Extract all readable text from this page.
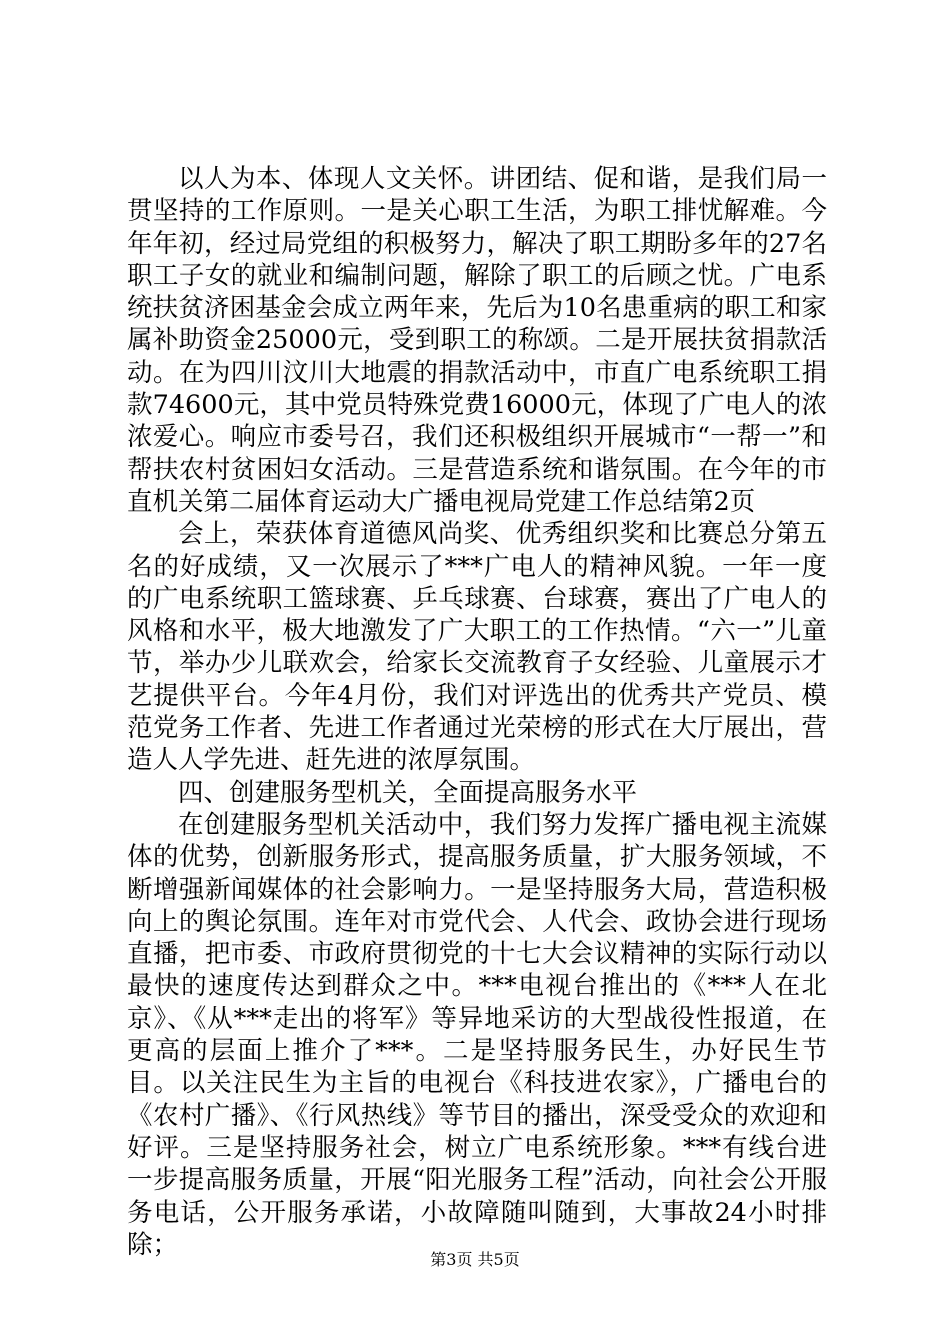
以人为本、体现人文关怀。讲团结、促和谐，是我们局一贯坚持的工作原则。一是关心职工生活，为职工排忧解难。今年年初，经过局党组的积极努力，解决了职工期盼多年的27名职工子女的就业和编制问题，解除了职工的后顾之忧。广电系统扶贫济困基金会成立两年来，先后为10名患重病的职工和家属补助资金25000元，受到职工的称颂。二是开展扶贫捐款活动。在为四川汶川大地震的捐款活动中，市直广电系统职工捐款74600元，其中党员特殊党费16000元，体现了广电人的浓浓爱心。响应市委号召，我们还积极组织开展城市“一帮一”和帮扶农村贫困妇女活动。三是营造系统和谐氛围。在今年的市直机关第二届体育运动大广播电视局党建工作总结第2页

会上，荣获体育道德风尚奖、优秀组织奖和比赛总分第五名的好成绩，又一次展示了***广电人的精神风貌。一年一度的广电系统职工篮球赛、乒乓球赛、台球赛，赛出了广电人的风格和水平，极大地激发了广大职工的工作热情。“六一”儿童节，举办少儿联欢会，给家长交流教育子女经验、儿童展示才艺提供平台。今年4月份，我们对评选出的优秀共产党员、模范党务工作者、先进工作者通过光荣榜的形式在大厅展出，营造人人学先进、赶先进的浓厚氛围。

四、创建服务型机关，全面提高服务水平

在创建服务型机关活动中，我们努力发挥广播电视主流媒体的优势，创新服务形式，提高服务质量，扩大服务领域，不断增强新闻媒体的社会影响力。一是坚持服务大局，营造积极向上的舆论氛围。连年对市党代会、人代会、政协会进行现场直播，把市委、市政府贯彻党的十七大会议精神的实际行动以最快的速度传达到群众之中。***电视台推出的《***人在北京》、《从***走出的将军》等异地采访的大型战役性报道，在更高的层面上推介了***。二是坚持服务民生，办好民生节目。以关注民生为主旨的电视台《科技进农家》，广播电台的《农村广播》、《行风热线》等节目的播出，深受受众的欢迎和好评。三是坚持服务社会，树立广电系统形象。***有线台进一步提高服务质量，开展“阳光服务工程”活动，向社会公开服务电话，公开服务承诺，小故障随叫随到，大事故24小时排除；	第3页 共5页
